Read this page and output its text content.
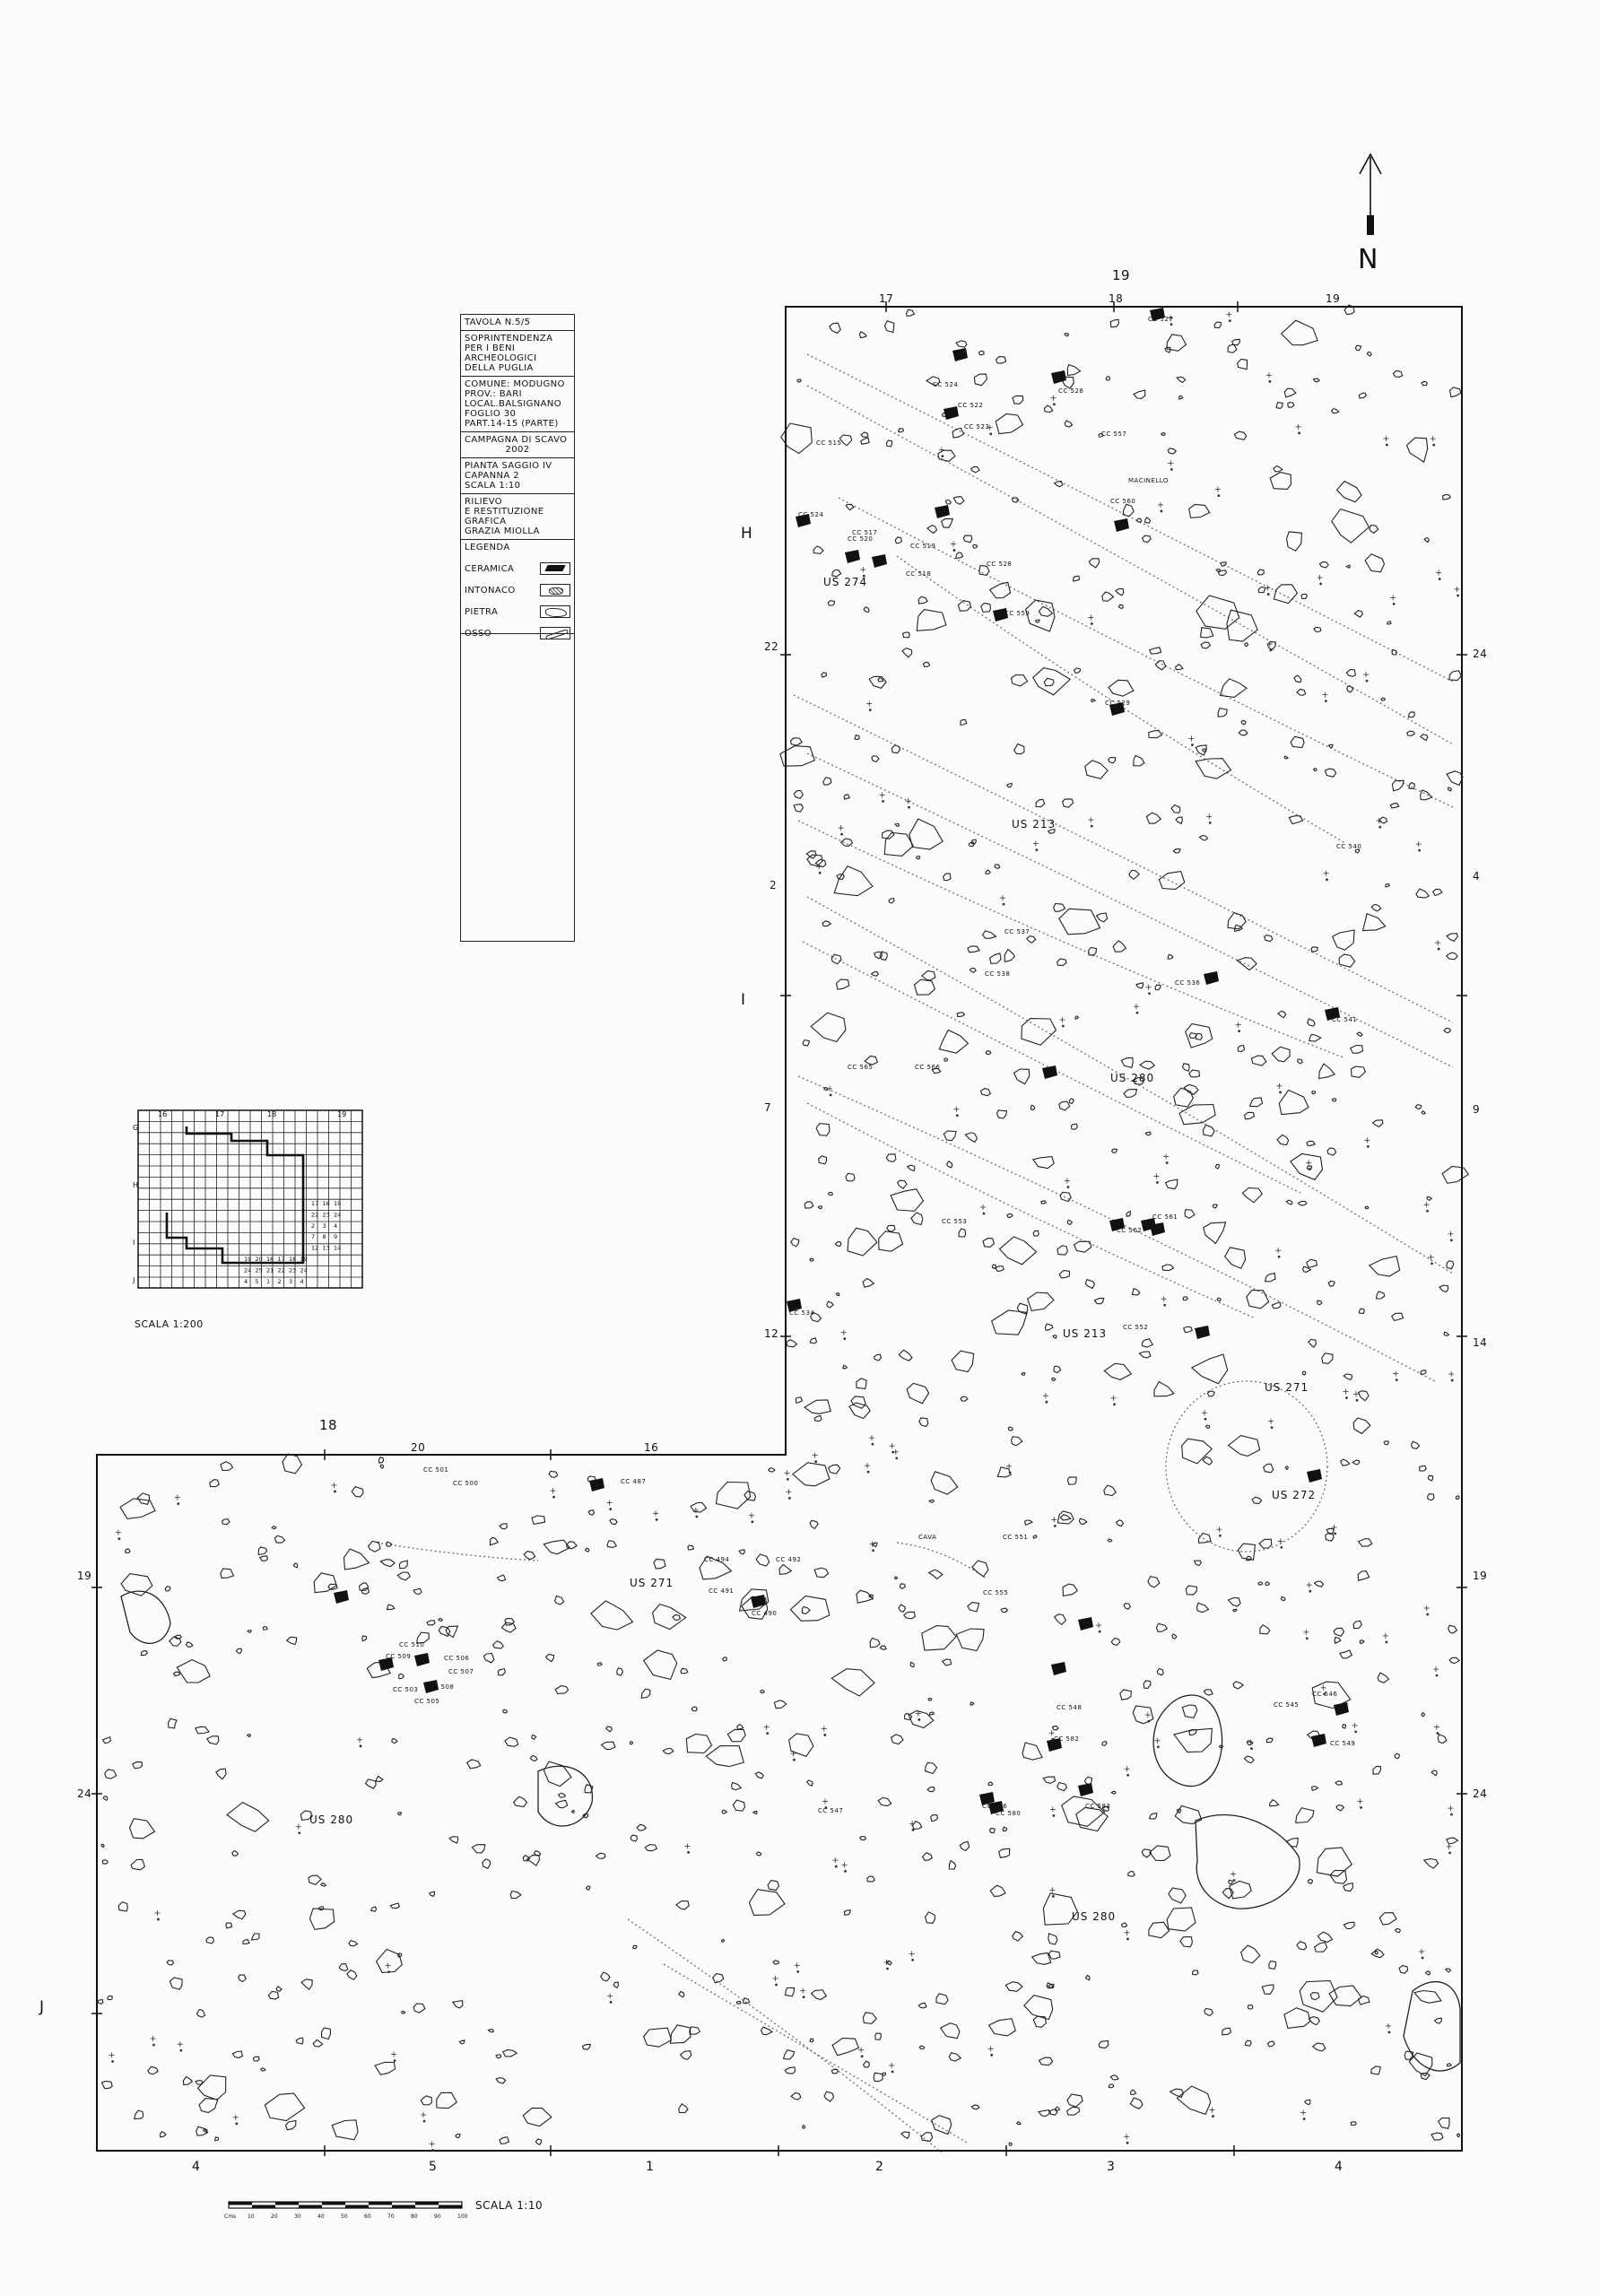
N
TAVOLA N.5/5
SOPRINTENDENZA
PER I BENI
ARCHEOLOGICI
DELLA PUGLIA
COMUNE: MODUGNO
PROV.: BARI
LOCAL.BALSIGNANO
FOGLIO 30
PART.14-15 (PARTE)
CAMPAGNA DI SCAVO
2002
PIANTA SAGGIO IV
CAPANNA 2
SCALA 1:10
RILIEVO
E RESTITUZIONE
GRAFICA
GRAZIA MIOLLA
LEGENDA
CERAMICA
INTONACO
PIETRA
OSSO
16	17	18	19
G
H
I
J
17 18 19
22 23 24
2 3 4
7 8 9
12 13 14
19 20 16 17 18 19
24 25 21 22 23 24
4 5 1 2 3 4
SCALA 1:200
SCALA 1:10
Cms 10	20	30	40	50	60	70	80	90	100
19
17	18	19
22
2
7
12
24
4
9
14
H
I
J
18
20	16
19
24
19
24
4	5	1	2	3	4
US 274
US 213
US 280
US 213
US 271
US 272
US 271
US 280
US 280
CC 527
CC 524
CC 528
CC 522
CC 523
CC 515
CC 557
MACINELLO
CC 560
CC 524
CC 517
CC 520
CC 519
CC 518
CC 528
CC 559
CC 529
CC 540
CC 537
CC 538
CC 536
CC 541
CC 565	CC 566
CC 561
CC 562
CC 553
CC 552
CC 534
CC 501
CC 500	CC 487
CC 494	CC 492
CC 490
CC 491	CC 555
CC 551
CC 548
CC 582
CC 545
CC 546
CC 549
CC 547
CC 583
CC 580
CC 546
CC 503
CC 505
CC 506
CC 507
CC 508
CC 509
CC 510
CAVA
